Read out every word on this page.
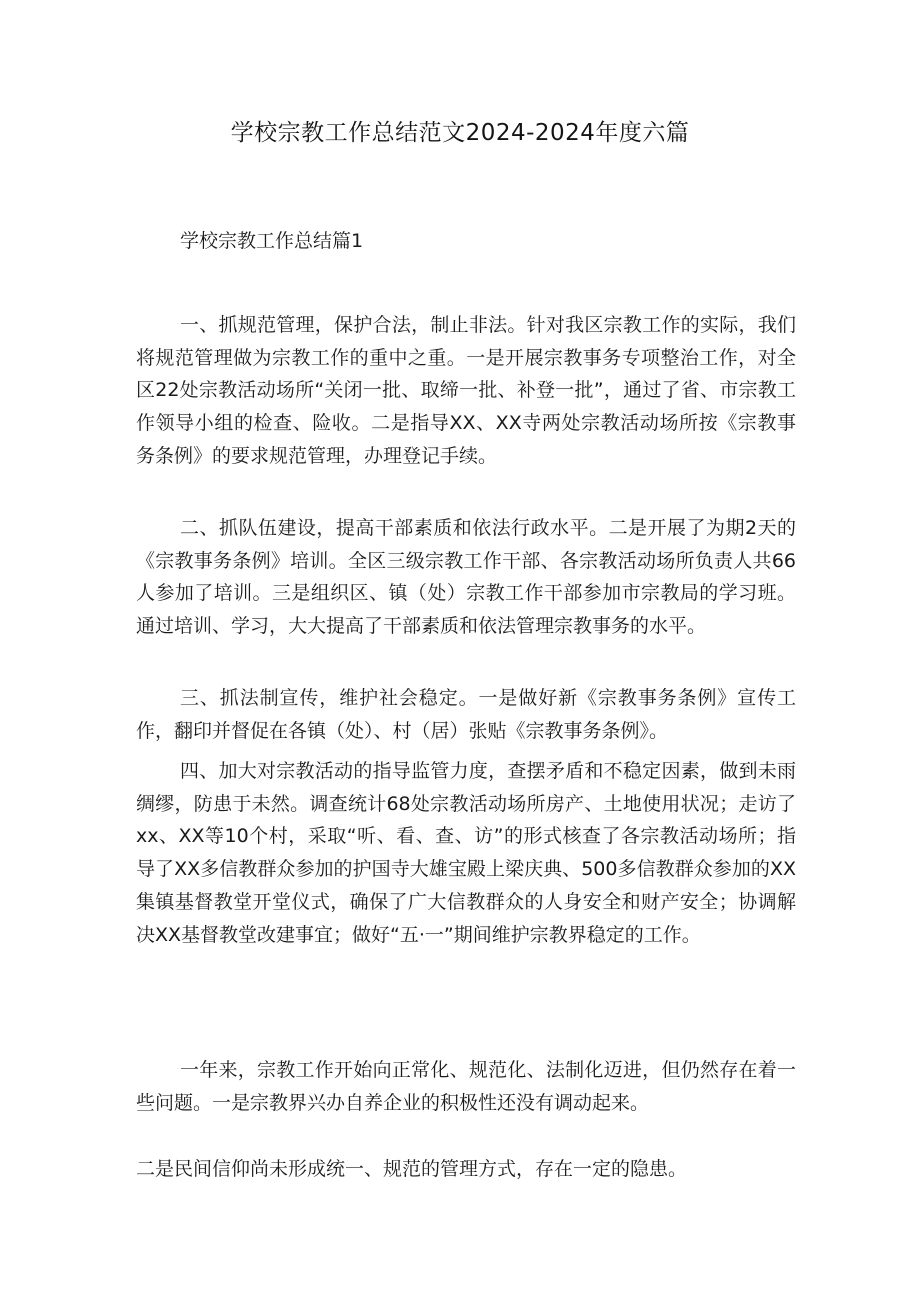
学校宗教工作总结范文2024-2024年度六篇
学校宗教工作总结篇1

一、抓规范管理，保护合法，制止非法。针对我区宗教工作的实际，我们将规范管理做为宗教工作的重中之重。一是开展宗教事务专项整治工作，对全区22处宗教活动场所“关闭一批、取缔一批、补登一批”，通过了省、市宗教工作领导小组的检查、险收。二是指导XX、XX寺两处宗教活动场所按《宗教事务条例》的要求规范管理，办理登记手续。

二、抓队伍建设，提高干部素质和依法行政水平。二是开展了为期2天的《宗教事务条例》培训。全区三级宗教工作干部、各宗教活动场所负责人共66人参加了培训。三是组织区、镇（处）宗教工作干部参加市宗教局的学习班。通过培训、学习，大大提高了干部素质和依法管理宗教事务的水平。

三、抓法制宣传，维护社会稳定。一是做好新《宗教事务条例》宣传工作，翻印并督促在各镇（处）、村（居）张贴《宗教事务条例》。

四、加大对宗教活动的指导监管力度，查摆矛盾和不稳定因素，做到未雨绸缪，防患于未然。调查统计68处宗教活动场所房产、土地使用状况；走访了xx、XX等10个村，采取“听、看、查、访”的形式核查了各宗教活动场所；指导了XX多信教群众参加的护国寺大雄宝殿上梁庆典、500多信教群众参加的XX集镇基督教堂开堂仪式，确保了广大信教群众的人身安全和财产安全；协调解决XX基督教堂改建事宜；做好“五·一”期间维护宗教界稳定的工作。

一年来，宗教工作开始向正常化、规范化、法制化迈进，但仍然存在着一些问题。一是宗教界兴办自养企业的积极性还没有调动起来。

二是民间信仰尚未形成统一、规范的管理方式，存在一定的隐患。
